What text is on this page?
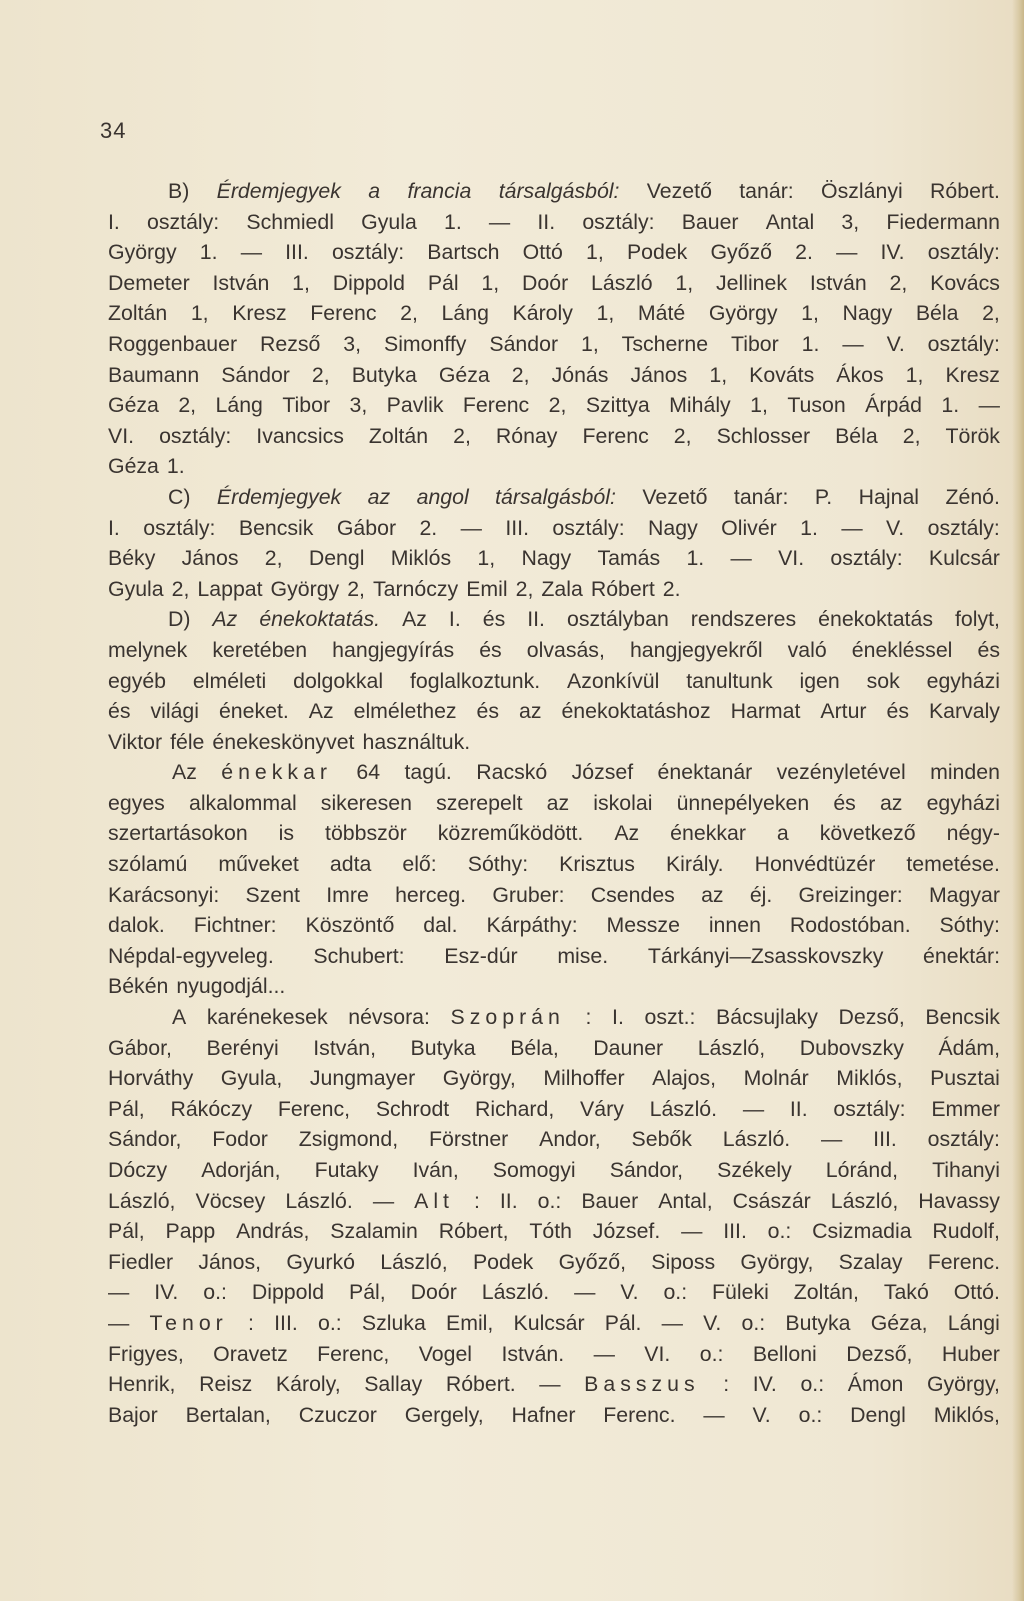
34
B) Érdemjegyek a francia társalgásból: Vezető tanár: Öszlányi Róbert.
I. osztály: Schmiedl Gyula 1. — II. osztály: Bauer Antal 3, Fiedermann
György 1. — III. osztály: Bartsch Ottó 1, Podek Győző 2. — IV. osztály:
Demeter István 1, Dippold Pál 1, Doór László 1, Jellinek István 2, Kovács
Zoltán 1, Kresz Ferenc 2, Láng Károly 1, Máté György 1, Nagy Béla 2,
Roggenbauer Rezső 3, Simonffy Sándor 1, Tscherne Tibor 1. — V. osztály:
Baumann Sándor 2, Butyka Géza 2, Jónás János 1, Kováts Ákos 1, Kresz
Géza 2, Láng Tibor 3, Pavlik Ferenc 2, Szittya Mihály 1, Tuson Árpád 1. —
VI. osztály: Ivancsics Zoltán 2, Rónay Ferenc 2, Schlosser Béla 2, Török
Géza 1.
C) Érdemjegyek az angol társalgásból: Vezető tanár: P. Hajnal Zénó.
I. osztály: Bencsik Gábor 2. — III. osztály: Nagy Olivér 1. — V. osztály:
Béky János 2, Dengl Miklós 1, Nagy Tamás 1. — VI. osztály: Kulcsár
Gyula 2, Lappat György 2, Tarnóczy Emil 2, Zala Róbert 2.
D) Az énekoktatás. Az I. és II. osztályban rendszeres énekoktatás folyt,
melynek keretében hangjegyírás és olvasás, hangjegyekről való énekléssel és
egyéb elméleti dolgokkal foglalkoztunk. Azonkívül tanultunk igen sok egyházi
és világi éneket. Az elmélethez és az énekoktatáshoz Harmat Artur és Karvaly
Viktor féle énekeskönyvet használtuk.
Az énekkar 64 tagú. Racskó József énektanár vezényletével minden
egyes alkalommal sikeresen szerepelt az iskolai ünnepélyeken és az egyházi
szertartásokon is többször közreműködött. Az énekkar a következő négy-
szólamú műveket adta elő: Sóthy: Krisztus Király. Honvédtüzér temetése.
Karácsonyi: Szent Imre herceg. Gruber: Csendes az éj. Greizinger: Magyar
dalok. Fichtner: Köszöntő dal. Kárpáthy: Messze innen Rodostóban. Sóthy:
Népdal-egyveleg. Schubert: Esz-dúr mise. Tárkányi—Zsasskovszky énektár:
Békén nyugodjál...
A karénekesek névsora: Szoprán : I. oszt.: Bácsujlaky Dezső, Bencsik
Gábor, Berényi István, Butyka Béla, Dauner László, Dubovszky Ádám,
Horváthy Gyula, Jungmayer György, Milhoffer Alajos, Molnár Miklós, Pusztai
Pál, Rákóczy Ferenc, Schrodt Richard, Váry László. — II. osztály: Emmer
Sándor, Fodor Zsigmond, Förstner Andor, Sebők László. — III. osztály:
Dóczy Adorján, Futaky Iván, Somogyi Sándor, Székely Lóránd, Tihanyi
László, Vöcsey László. — Alt : II. o.: Bauer Antal, Császár László, Havassy
Pál, Papp András, Szalamin Róbert, Tóth József. — III. o.: Csizmadia Rudolf,
Fiedler János, Gyurkó László, Podek Győző, Siposs György, Szalay Ferenc.
— IV. o.: Dippold Pál, Doór László. — V. o.: Füleki Zoltán, Takó Ottó.
— Tenor : III. o.: Szluka Emil, Kulcsár Pál. — V. o.: Butyka Géza, Lángi
Frigyes, Oravetz Ferenc, Vogel István. — VI. o.: Belloni Dezső, Huber
Henrik, Reisz Károly, Sallay Róbert. — Basszus : IV. o.: Ámon György,
Bajor Bertalan, Czuczor Gergely, Hafner Ferenc. — V. o.: Dengl Miklós,
